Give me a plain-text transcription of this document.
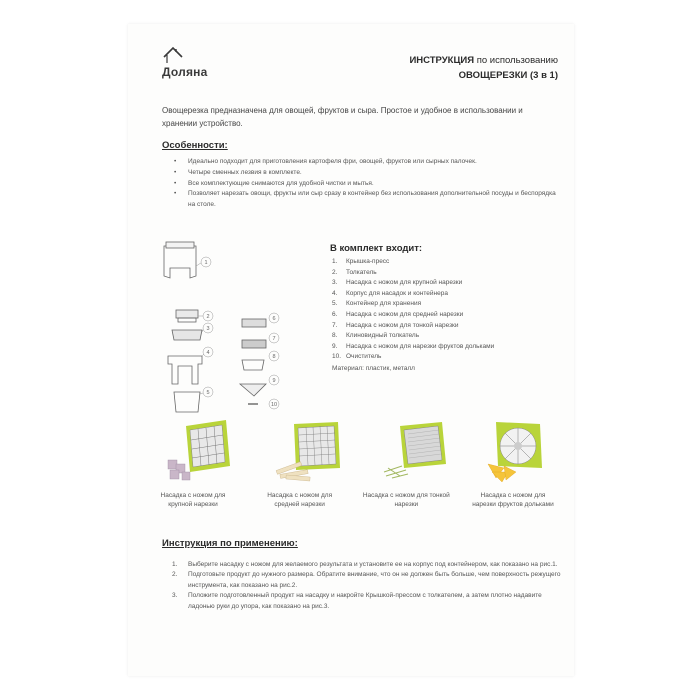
Доляна
ИНСТРУКЦИЯ по использованию
ОВОЩЕРЕЗКИ (3 в 1)
Овощерезка предназначена для овощей, фруктов и сыра. Простое и удобное в использовании и хранении устройство.
Особенности:
• Идеально подходит для приготовления картофеля фри, овощей, фруктов или сырных палочек.
• Четыре сменных лезвия в комплекте.
• Все комплектующие снимаются для удобной чистки и мытья.
• Позволяет нарезать овощи, фрукты или сыр сразу в контейнер без использования дополнительной посуды и беспорядка на столе.
1
2
3
4
5
6
7
8
9
10
В комплект входит:
1.	Крышка-пресс
2.	Толкатель
3.	Насадка с ножом для крупной нарезки
4.	Корпус для насадок и контейнера
5.	Контейнер для хранения
6.	Насадка с ножом для средней нарезки
7.	Насадка с ножом для тонкой нарезки
8.	Клиновидный толкатель
9.	Насадка с ножом для нарезки фруктов дольками
10. Очиститель
Материал: пластик, металл
Насадка с ножом для крупной нарезки
Насадка с ножом для средней нарезки
Насадка с ножом для тонкой нарезки
Насадка с ножом для нарезки фруктов дольками
Инструкция по применению:
1.	Выберите насадку с ножом для желаемого результата и установите ее на корпус под контейнером, как показано на рис.1.
2.	Подготовьте продукт до нужного размера. Обратите внимание, что он не должен быть больше, чем поверхность режущего инструмента, как показано на рис.2.
3.	Положите подготовленный продукт на насадку и накройте Крышкой-прессом с толкателем, а затем плотно надавите ладонью руки до упора, как показано на рис.3.
